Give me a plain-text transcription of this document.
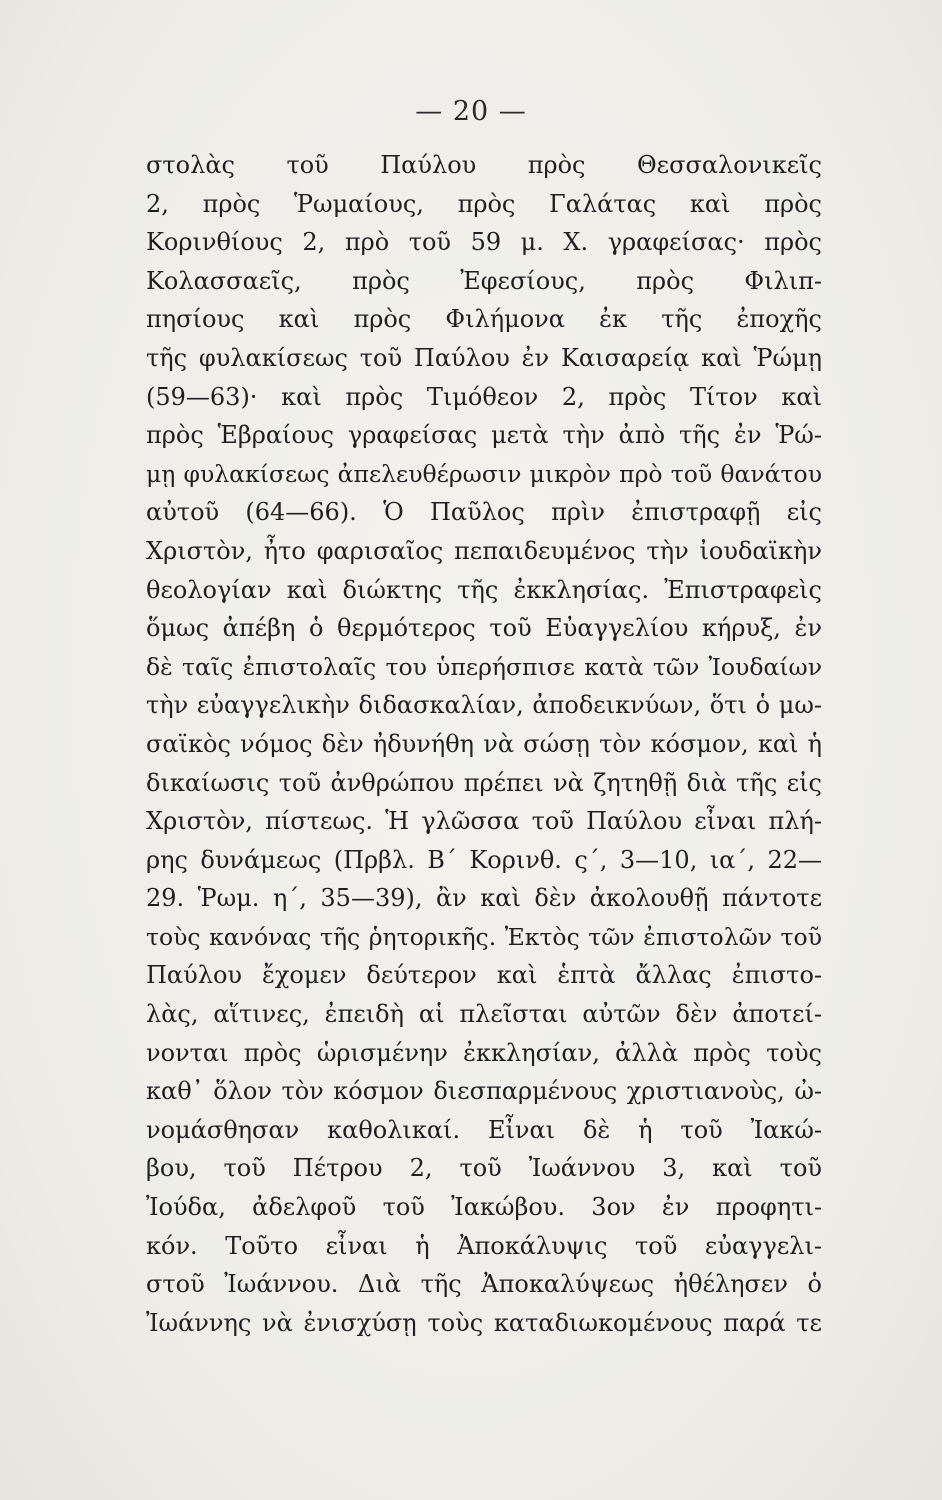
— 20 —
στολὰς τοῦ Παύλου πρὸς Θεσσαλονικεῖς
2, πρὸς Ῥωμαίους, πρὸς Γαλάτας καὶ πρὸς
Κορινθίους 2, πρὸ τοῦ 59 μ. Χ. γραφείσας· πρὸς
Κολασσαεῖς, πρὸς Ἐφεσίους, πρὸς Φιλιπ-
πησίους καὶ πρὸς Φιλήμονα ἐκ τῆς ἐποχῆς
τῆς φυλακίσεως τοῦ Παύλου ἐν Καισαρείᾳ καὶ Ῥώμῃ
(59—63)· καὶ πρὸς Τιμόθεον 2, πρὸς Τίτον καὶ
πρὸς Ἑβραίους γραφείσας μετὰ τὴν ἀπὸ τῆς ἐν Ῥώ-
μῃ φυλακίσεως ἀπελευθέρωσιν μικρὸν πρὸ τοῦ θανάτου
αὐτοῦ (64—66). Ὁ Παῦλος πρὶν ἐπιστραφῇ εἰς
Χριστὸν, ἦτο φαρισαῖος πεπαιδευμένος τὴν ἰουδαϊκὴν
θεολογίαν καὶ διώκτης τῆς ἐκκλησίας. Ἐπιστραφεὶς
ὅμως ἀπέβη ὁ θερμότερος τοῦ Εὐαγγελίου κήρυξ, ἐν
δὲ ταῖς ἐπιστολαῖς του ὑπερήσπισε κατὰ τῶν Ἰουδαίων
τὴν εὐαγγελικὴν διδασκαλίαν, ἀποδεικνύων, ὅτι ὁ μω-
σαϊκὸς νόμος δὲν ἠδυνήθη νὰ σώσῃ τὸν κόσμον, καὶ ἡ
δικαίωσις τοῦ ἀνθρώπου πρέπει νὰ ζητηθῇ διὰ τῆς εἰς
Χριστὸν, πίστεως. Ἡ γλῶσσα τοῦ Παύλου εἶναι πλή-
ρης δυνάμεως (Πρβλ. Β΄ Κορινθ. ς΄, 3—10, ια΄, 22—
29. Ῥωμ. η΄, 35—39), ἂν καὶ δὲν ἀκολουθῇ πάντοτε
τοὺς κανόνας τῆς ῥητορικῆς. Ἐκτὸς τῶν ἐπιστολῶν τοῦ
Παύλου ἔχομεν δεύτερον καὶ ἑπτὰ ἄλλας ἐπιστο-
λὰς, αἵτινες, ἐπειδὴ αἱ πλεῖσται αὐτῶν δὲν ἀποτεί-
νονται πρὸς ὡρισμένην ἐκκλησίαν, ἀλλὰ πρὸς τοὺς
καθ᾽ ὅλον τὸν κόσμον διεσπαρμένους χριστιανοὺς, ὠ-
νομάσθησαν καθολικαί. Εἶναι δὲ ἡ τοῦ Ἰακώ-
βου, τοῦ Πέτρου 2, τοῦ Ἰωάννου 3, καὶ τοῦ
Ἰούδα, ἀδελφοῦ τοῦ Ἰακώβου. 3ον ἐν προφητι-
κόν. Τοῦτο εἶναι ἡ Ἀποκάλυψις τοῦ εὐαγγελι-
στοῦ Ἰωάννου. Διὰ τῆς Ἀποκαλύψεως ἠθέλησεν ὁ
Ἰωάννης νὰ ἐνισχύσῃ τοὺς καταδιωκομένους παρά τε
